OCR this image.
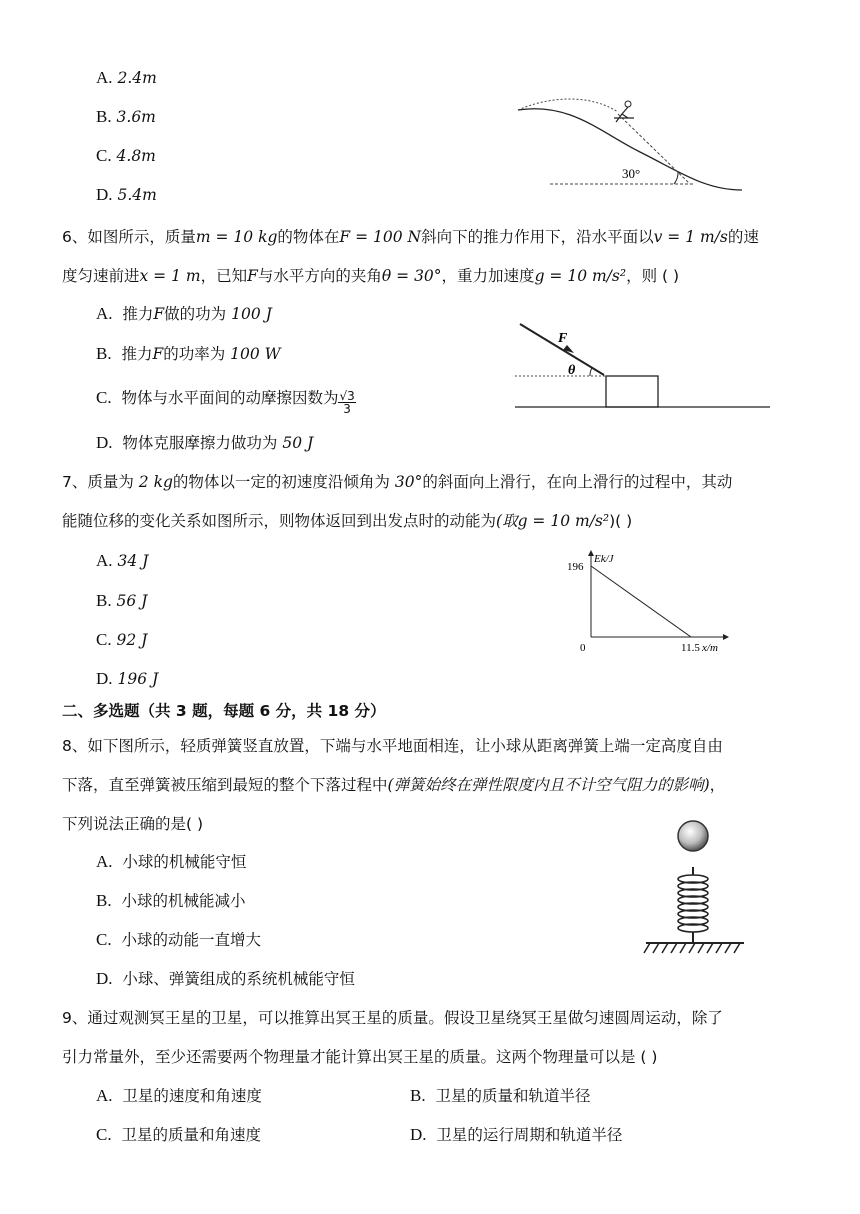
A. 2.4m
B. 3.6m
C. 4.8m
D. 5.4m
30°
6、如图所示，质量m = 10 kg的物体在F = 100 N斜向下的推力作用下，沿水平面以v = 1 m/s的速
度匀速前进x = 1 m，已知F与水平方向的夹角θ = 30°，重力加速度g = 10 m/s²，则 ( )
A. 推力F做的功为 100 J
B. 推力F的功率为 100 W
C. 物体与水平面间的动摩擦因数为 $\frac{√3}{3}$
D. 物体克服摩擦力做功为 50 J
F
θ
7、质量为 2 kg的物体以一定的初速度沿倾角为 30°的斜面向上滑行，在向上滑行的过程中，其动
能随位移的变化关系如图所示，则物体返回到出发点时的动能为(取g = 10 m/s²)( )
A. 34 J
B. 56 J
C. 92 J
D. 196 J
Ek/J
x/m
196
0	11.5
二、多选题（共 3 题，每题 6 分，共 18 分）
8、如下图所示，轻质弹簧竖直放置，下端与水平地面相连，让小球从距离弹簧上端一定高度自由
下落，直至弹簧被压缩到最短的整个下落过程中(弹簧始终在弹性限度内且不计空气阻力的影响)，
下列说法正确的是( )
A. 小球的机械能守恒
B. 小球的机械能减小
C. 小球的动能一直增大
D. 小球、弹簧组成的系统机械能守恒
9、通过观测冥王星的卫星，可以推算出冥王星的质量。假设卫星绕冥王星做匀速圆周运动，除了
引力常量外，至少还需要两个物理量才能计算出冥王星的质量。这两个物理量可以是 ( )
A. 卫星的速度和角速度	B. 卫星的质量和轨道半径
C. 卫星的质量和角速度	D. 卫星的运行周期和轨道半径
